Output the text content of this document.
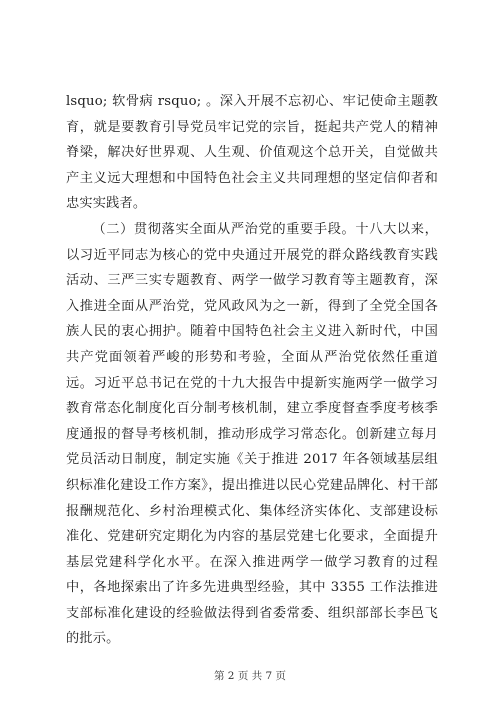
lsquo; 软骨病 rsquo; 。深入开展不忘初心、牢记使命主题教育，就是要教育引导党员牢记党的宗旨，挺起共产党人的精神脊梁，解决好世界观、人生观、价值观这个总开关，自觉做共产主义远大理想和中国特色社会主义共同理想的坚定信仰者和忠实实践者。

（二）贯彻落实全面从严治党的重要手段。十八大以来，以习近平同志为核心的党中央通过开展党的群众路线教育实践活动、三严三实专题教育、两学一做学习教育等主题教育，深入推进全面从严治党，党风政风为之一新，得到了全党全国各族人民的衷心拥护。随着中国特色社会主义进入新时代，中国共产党面领着严峻的形势和考验，全面从严治党依然任重道远。习近平总书记在党的十九大报告中提新实施两学一做学习教育常态化制度化百分制考核机制，建立季度督查季度考核季度通报的督导考核机制，推动形成学习常态化。创新建立每月党员活动日制度，制定实施《关于推进 2017 年各领域基层组织标准化建设工作方案》，提出推进以民心党建品牌化、村干部报酬规范化、乡村治理模式化、集体经济实体化、支部建设标准化、党建研究定期化为内容的基层党建七化要求，全面提升基层党建科学化水平。在深入推进两学一做学习教育的过程中，各地探索出了许多先进典型经验，其中 3355 工作法推进支部标准化建设的经验做法得到省委常委、组织部部长李邑飞的批示。

第 2 页 共 7 页
